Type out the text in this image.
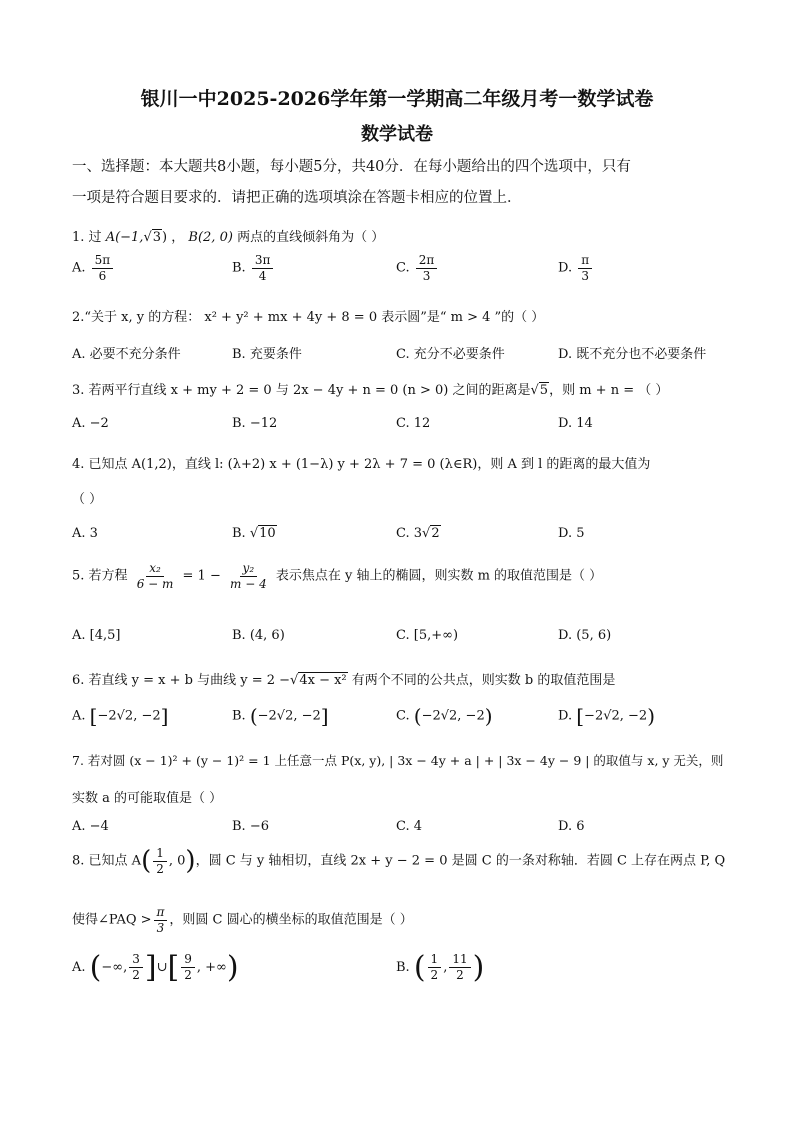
银川一中2025-2026学年第一学期高二年级月考一数学试卷
数学试卷
一、选择题：本大题共8小题，每小题5分，共40分．在每小题给出的四个选项中，只有
一项是符合题目要求的．请把正确的选项填涂在答题卡相应的位置上．
1. 过 A(−1,√3) ， B(2, 0) 两点的直线倾斜角为（ ）
A. $\frac{5\pi}{6}$	B. $\frac{3\pi}{4}$	C. $\frac{2\pi}{3}$	D. $\frac{\pi}{3}$
2.“关于 x, y 的方程： x² + y² + mx + 4y + 8 = 0 表示圆”是“ m > 4 ”的（ ）
A. 必要不充分条件	B. 充要条件	C. 充分不必要条件	D. 既不充分也不必要条件
3. 若两平行直线 x + my + 2 = 0 与 2x − 4y + n = 0 (n > 0) 之间的距离是√5，则 m + n = （ ）
A. −2	B. −12	C. 12	D. 14
4. 已知点 A(1,2)，直线 l: (λ+2) x + (1−λ) y + 2λ + 7 = 0 (λ∈R)，则 A 到 l 的距离的最大值为
（ ）
A. 3	B. √10	C. 3√2	D. 5
5. 若方程 $\frac{\text{x₂}}{6 - m} = 1 - \frac{\text{y₂}}{m - 4}$ 表示焦点在 y 轴上的椭圆，则实数 m 的取值范围是（ ）
A. [4,5]	B. (4, 6)	C. [5,+∞)	D. (5, 6)
6. 若直线 y = x + b 与曲线 y = 2 −√4x − x² 有两个不同的公共点，则实数 b 的取值范围是
A. [−2√2, −2]	B. (−2√2, −2]	C. (−2√2, −2)	D. [−2√2, −2)
7. 若对圆 (x − 1)² + (y − 1)² = 1 上任意一点 P(x, y), | 3x − 4y + a | + | 3x − 4y − 9 | 的取值与 x, y 无关，则
实数 a 的可能取值是（ ）
A. −4	B. −6	C. 4	D. 6
8. 已知点 $A( \frac{1}{2}$ , 0)，圆 C 与 y 轴相切，直线 2x + y − 2 = 0 是圆 C 的一条对称轴．若圆 C 上存在两点 P, Q
使得∠PAQ > $\frac{\pi}{3}$ ，则圆 C 圆心的横坐标的取值范围是（ ）
A. (−∞, $\frac{3}{2}$ ]∪[ $\frac{9}{2}$ , +∞)	B. ( $\frac{1}{2}$ , $\frac{11}{2}$ )
